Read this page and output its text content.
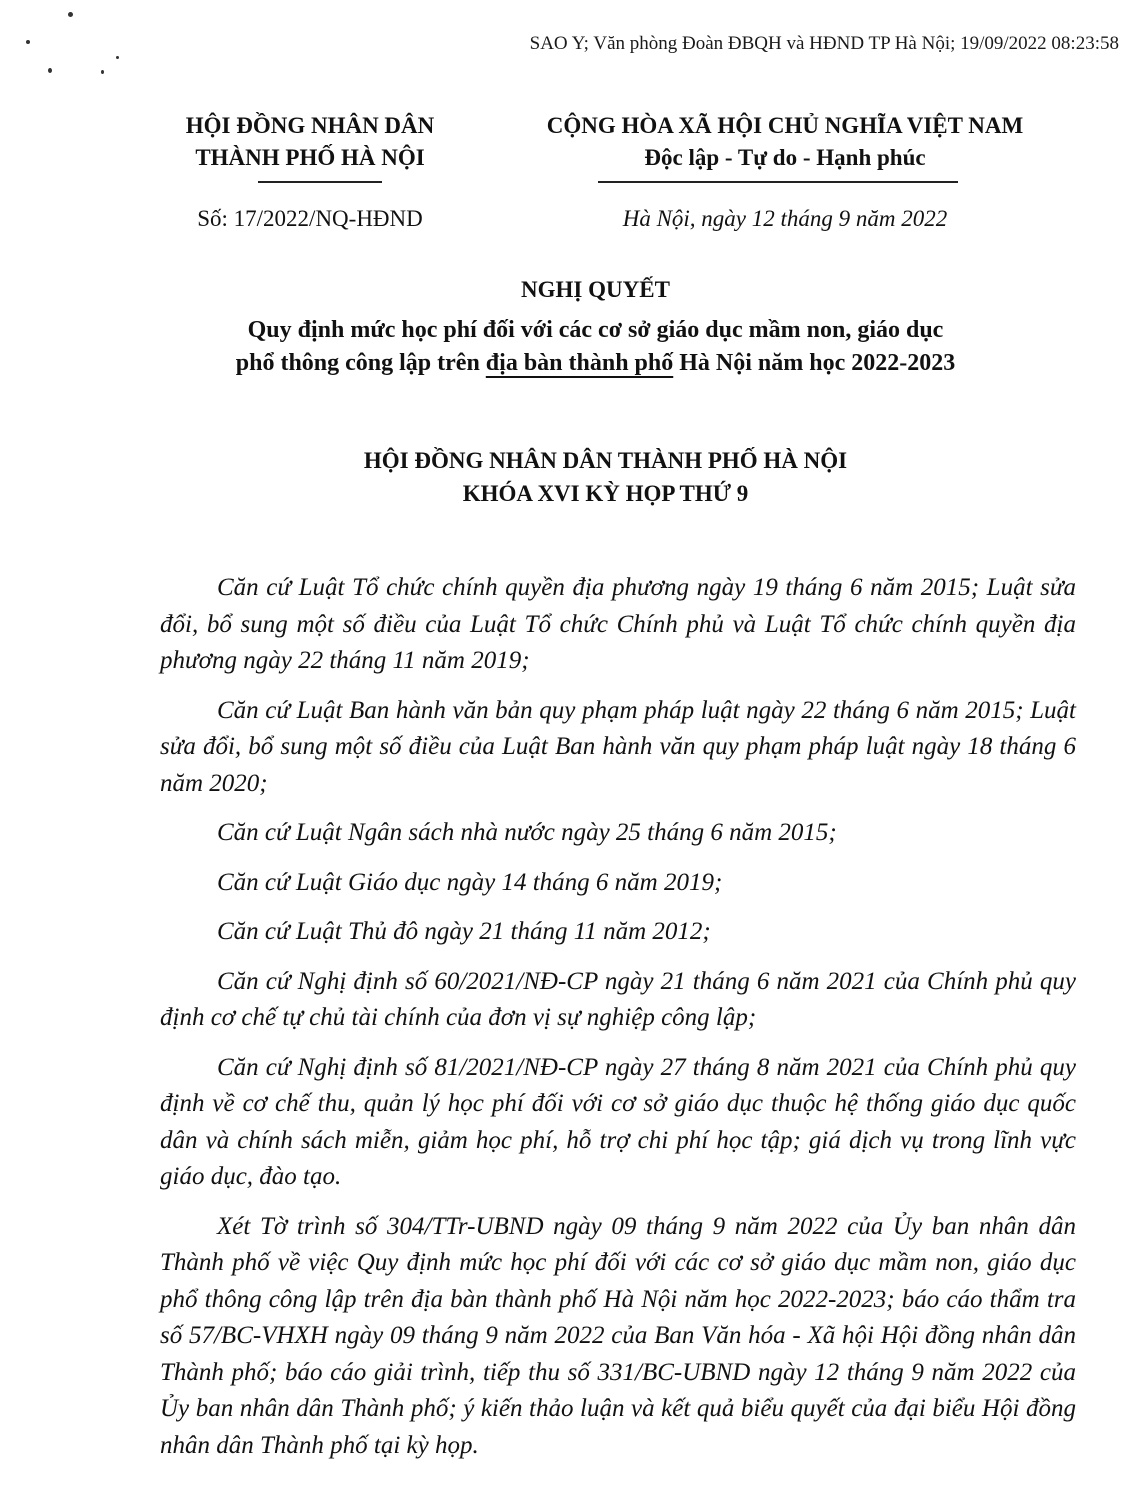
SAO Y; Văn phòng Đoàn ĐBQH và HĐND TP Hà Nội; 19/09/2022 08:23:58
HỘI ĐỒNG NHÂN DÂN
THÀNH PHỐ HÀ NỘI
CỘNG HÒA XÃ HỘI CHỦ NGHĨA VIỆT NAM
Độc lập - Tự do - Hạnh phúc
Số: 17/2022/NQ-HĐND	Hà Nội, ngày 12 tháng 9 năm 2022
NGHỊ QUYẾT
Quy định mức học phí đối với các cơ sở giáo dục mầm non, giáo dục
phổ thông công lập trên địa bàn thành phố Hà Nội năm học 2022-2023
HỘI ĐỒNG NHÂN DÂN THÀNH PHỐ HÀ NỘI
KHÓA XVI KỲ HỌP THỨ 9

Căn cứ Luật Tổ chức chính quyền địa phương ngày 19 tháng 6 năm 2015; Luật sửa đổi, bổ sung một số điều của Luật Tổ chức Chính phủ và Luật Tổ chức chính quyền địa phương ngày 22 tháng 11 năm 2019;

Căn cứ Luật Ban hành văn bản quy phạm pháp luật ngày 22 tháng 6 năm 2015; Luật sửa đổi, bổ sung một số điều của Luật Ban hành văn quy phạm pháp luật ngày 18 tháng 6 năm 2020;

Căn cứ Luật Ngân sách nhà nước ngày 25 tháng 6 năm 2015;

Căn cứ Luật Giáo dục ngày 14 tháng 6 năm 2019;

Căn cứ Luật Thủ đô ngày 21 tháng 11 năm 2012;

Căn cứ Nghị định số 60/2021/NĐ-CP ngày 21 tháng 6 năm 2021 của Chính phủ quy định cơ chế tự chủ tài chính của đơn vị sự nghiệp công lập;

Căn cứ Nghị định số 81/2021/NĐ-CP ngày 27 tháng 8 năm 2021 của Chính phủ quy định về cơ chế thu, quản lý học phí đối với cơ sở giáo dục thuộc hệ thống giáo dục quốc dân và chính sách miễn, giảm học phí, hỗ trợ chi phí học tập; giá dịch vụ trong lĩnh vực giáo dục, đào tạo.

Xét Tờ trình số 304/TTr-UBND ngày 09 tháng 9 năm 2022 của Ủy ban nhân dân Thành phố về việc Quy định mức học phí đối với các cơ sở giáo dục mầm non, giáo dục phổ thông công lập trên địa bàn thành phố Hà Nội năm học 2022-2023; báo cáo thẩm tra số 57/BC-VHXH ngày 09 tháng 9 năm 2022 của Ban Văn hóa - Xã hội Hội đồng nhân dân Thành phố; báo cáo giải trình, tiếp thu số 331/BC-UBND ngày 12 tháng 9 năm 2022 của Ủy ban nhân dân Thành phố; ý kiến thảo luận và kết quả biểu quyết của đại biểu Hội đồng nhân dân Thành phố tại kỳ họp.
